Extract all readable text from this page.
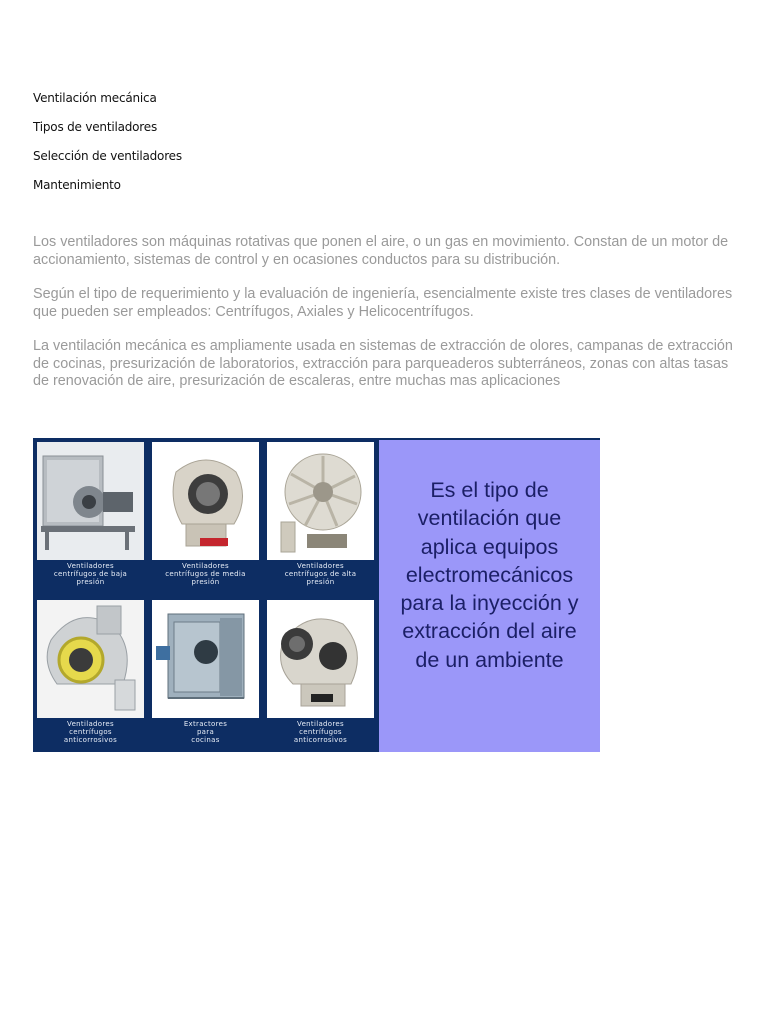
Ventilación mecánica
Tipos de ventiladores
Selección de ventiladores
Mantenimiento

Los ventiladores son máquinas rotativas que ponen el aire, o un gas en movimiento. Constan de un motor de accionamiento, sistemas de control y en ocasiones conductos para su distribución.

Según el tipo de requerimiento y la evaluación de ingeniería, esencialmente existe tres clases de ventiladores que pueden ser empleados: Centrífugos, Axiales y Helicocentrífugos.

La ventilación mecánica es ampliamente usada en sistemas de extracción de olores, campanas de extracción de cocinas, presurización de laboratorios, extracción para parqueaderos subterráneos, zonas con altas tasas de renovación de aire, presurización de escaleras, entre muchas mas aplicaciones

Ventiladores
centrífugos de baja
presión
Ventiladores
centrífugos de media
presión
Ventiladores
centrífugos de alta
presión
Ventiladores
centrífugos
anticorrosivos
Extractores
para
cocinas
Ventiladores
centrífugos
anticorrosivos
Es el tipo de
ventilación que
aplica equipos
electromecánicos
para la inyección y
extracción del aire
de un ambiente
